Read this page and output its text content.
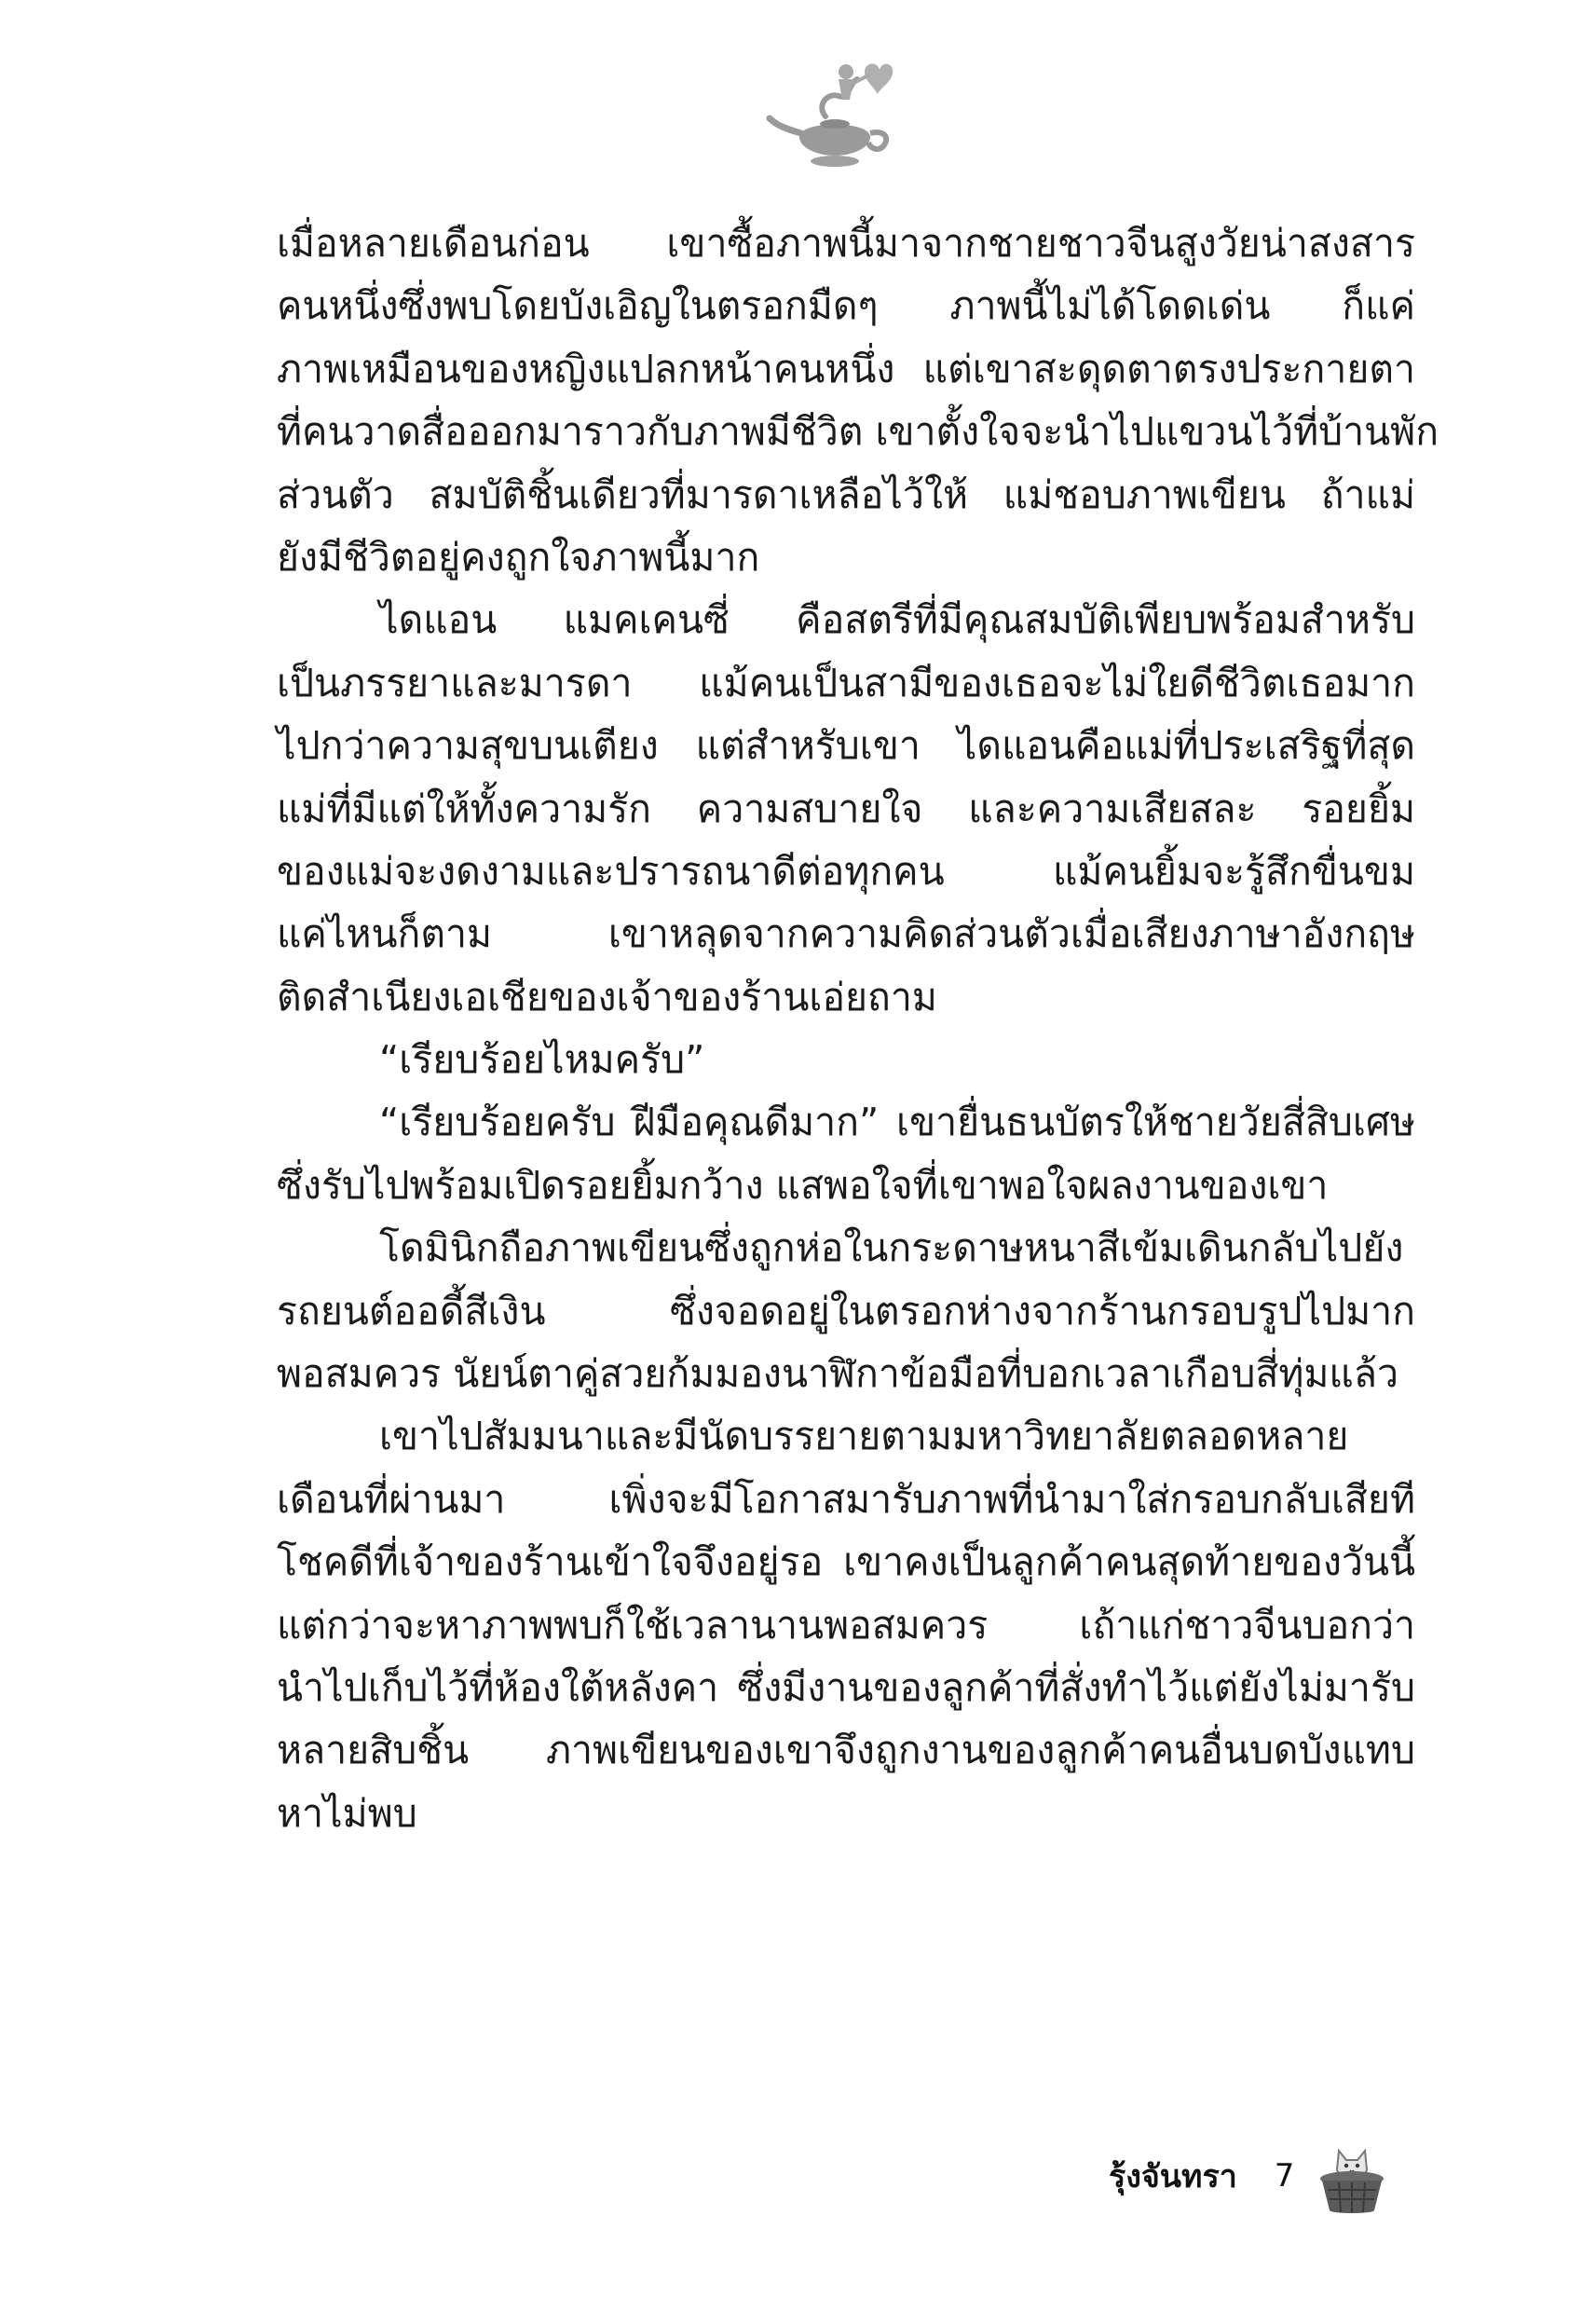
เมื่อหลายเดือนก่อน เขาซื้อภาพนี้มาจากชายชาวจีนสูงวัยน่าสงสาร
คนหนึ่งซึ่งพบโดยบังเอิญในตรอกมืดๆ ภาพนี้ไม่ได้โดดเด่น ก็แค่
ภาพเหมือนของหญิงแปลกหน้าคนหนึ่ง แต่เขาสะดุดตาตรงประกายตา
ที่คนวาดสื่อออกมาราวกับภาพมีชีวิต เขาตั้งใจจะนำไปแขวนไว้ที่บ้านพัก
ส่วนตัว สมบัติชิ้นเดียวที่มารดาเหลือไว้ให้ แม่ชอบภาพเขียน ถ้าแม่
ยังมีชีวิตอยู่คงถูกใจภาพนี้มาก
ไดแอน แมคเคนซี่ คือสตรีที่มีคุณสมบัติเพียบพร้อมสำหรับ
เป็นภรรยาและมารดา แม้คนเป็นสามีของเธอจะไม่ใยดีชีวิตเธอมาก
ไปกว่าความสุขบนเตียง แต่สำหรับเขา ไดแอนคือแม่ที่ประเสริฐที่สุด
แม่ที่มีแต่ให้ทั้งความรัก ความสบายใจ และความเสียสละ รอยยิ้ม
ของแม่จะงดงามและปรารถนาดีต่อทุกคน แม้คนยิ้มจะรู้สึกขื่นขม
แค่ไหนก็ตาม เขาหลุดจากความคิดส่วนตัวเมื่อเสียงภาษาอังกฤษ
ติดสำเนียงเอเชียของเจ้าของร้านเอ่ยถาม
“เรียบร้อยไหมครับ”
“เรียบร้อยครับ ฝีมือคุณดีมาก” เขายื่นธนบัตรให้ชายวัยสี่สิบเศษ
ซึ่งรับไปพร้อมเปิดรอยยิ้มกว้าง แสพอใจที่เขาพอใจผลงานของเขา
โดมินิกถือภาพเขียนซึ่งถูกห่อในกระดาษหนาสีเข้มเดินกลับไปยัง
รถยนต์ออดี้สีเงิน ซึ่งจอดอยู่ในตรอกห่างจากร้านกรอบรูปไปมาก
พอสมควร นัยน์ตาคู่สวยก้มมองนาฬิกาข้อมือที่บอกเวลาเกือบสี่ทุ่มแล้ว
เขาไปสัมมนาและมีนัดบรรยายตามมหาวิทยาลัยตลอดหลาย
เดือนที่ผ่านมา เพิ่งจะมีโอกาสมารับภาพที่นำมาใส่กรอบกลับเสียที
โชคดีที่เจ้าของร้านเข้าใจจึงอยู่รอ เขาคงเป็นลูกค้าคนสุดท้ายของวันนี้
แต่กว่าจะหาภาพพบก็ใช้เวลานานพอสมควร เถ้าแก่ชาวจีนบอกว่า
นำไปเก็บไว้ที่ห้องใต้หลังคา ซึ่งมีงานของลูกค้าที่สั่งทำไว้แต่ยังไม่มารับ
หลายสิบชิ้น ภาพเขียนของเขาจึงถูกงานของลูกค้าคนอื่นบดบังแทบ
หาไม่พบ
รุ้งจันทรา 7
